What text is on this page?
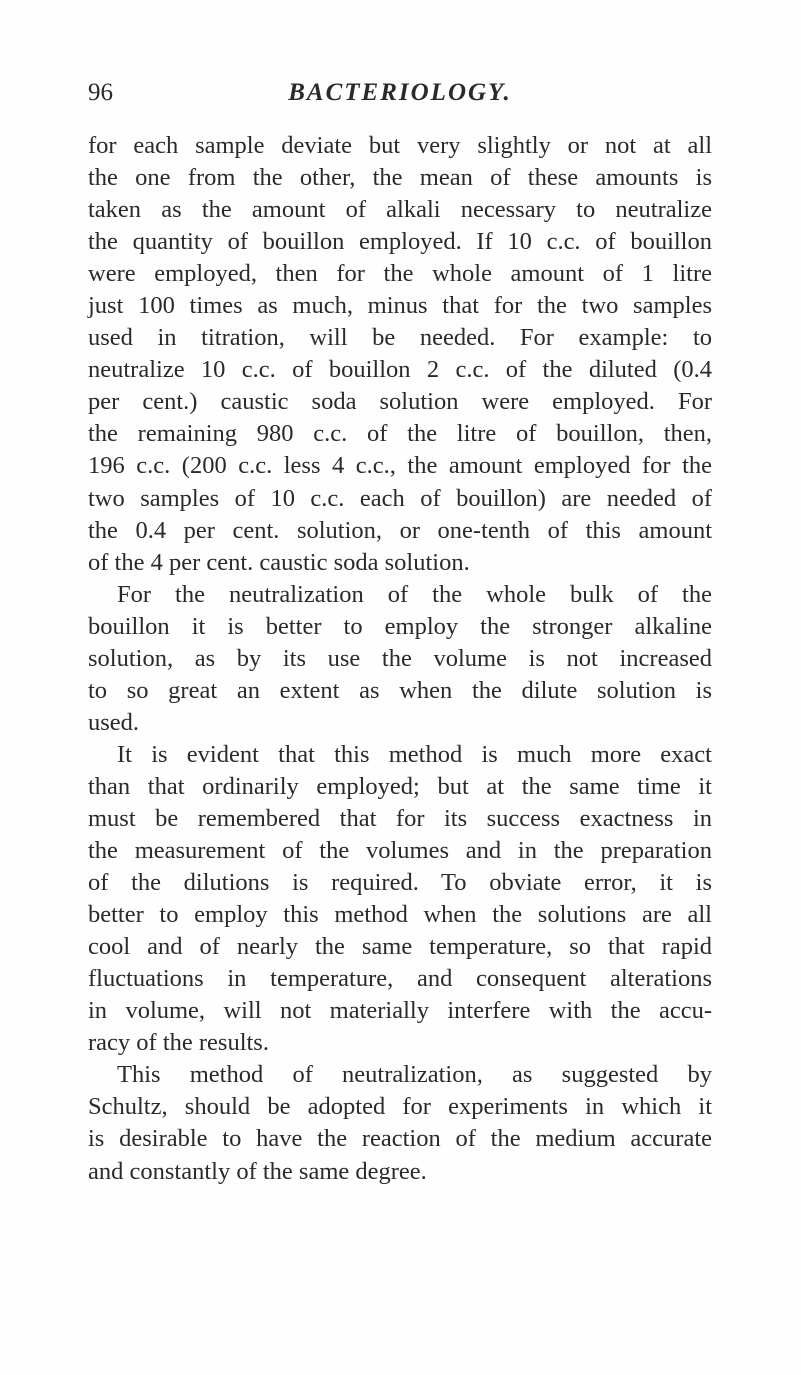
96	BACTERIOLOGY.
for each sample deviate but very slightly or not at all
the one from the other, the mean of these amounts is
taken as the amount of alkali necessary to neutralize
the quantity of bouillon employed. If 10 c.c. of bouillon
were employed, then for the whole amount of 1 litre
just 100 times as much, minus that for the two samples
used in titration, will be needed. For example: to
neutralize 10 c.c. of bouillon 2 c.c. of the diluted (0.4
per cent.) caustic soda solution were employed. For
the remaining 980 c.c. of the litre of bouillon, then,
196 c.c. (200 c.c. less 4 c.c., the amount employed for the
two samples of 10 c.c. each of bouillon) are needed of
the 0.4 per cent. solution, or one-tenth of this amount
of the 4 per cent. caustic soda solution.
For the neutralization of the whole bulk of the
bouillon it is better to employ the stronger alkaline
solution, as by its use the volume is not increased
to so great an extent as when the dilute solution is
used.
It is evident that this method is much more exact
than that ordinarily employed; but at the same time it
must be remembered that for its success exactness in
the measurement of the volumes and in the preparation
of the dilutions is required. To obviate error, it is
better to employ this method when the solutions are all
cool and of nearly the same temperature, so that rapid
fluctuations in temperature, and consequent alterations
in volume, will not materially interfere with the accu-
racy of the results.
This method of neutralization, as suggested by
Schultz, should be adopted for experiments in which it
is desirable to have the reaction of the medium accurate
and constantly of the same degree.
